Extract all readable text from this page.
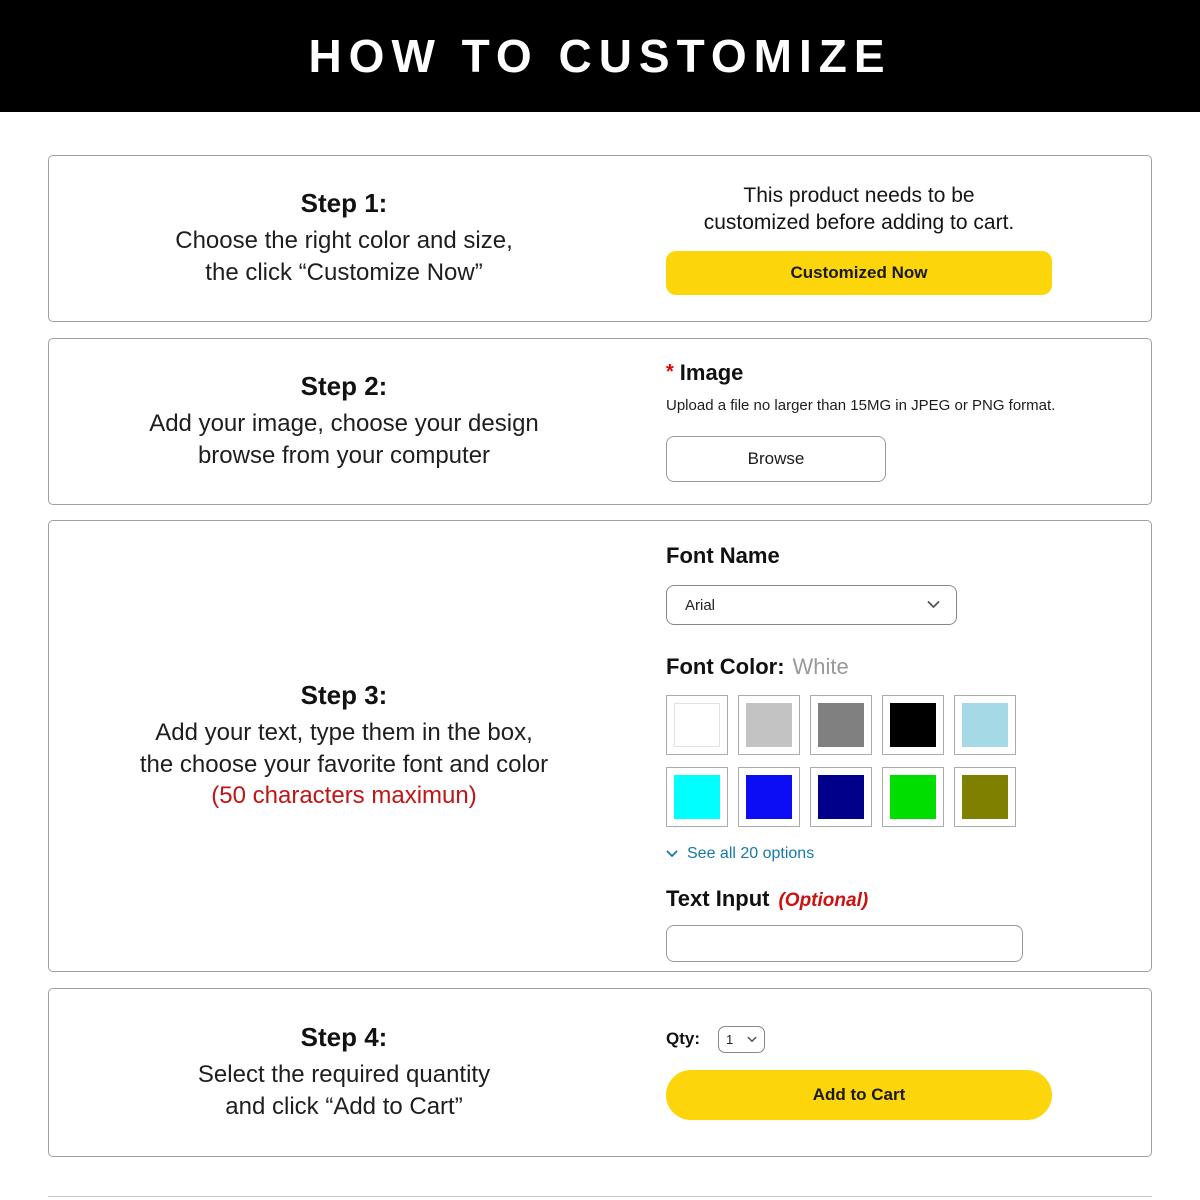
HOW TO CUSTOMIZE
Step 1:
Choose the right color and size,
the click “Customize Now”
This product needs to be
customized before adding to cart.
Customized Now
Step 2:
Add your image, choose your design
browse from your computer
* Image
Upload a file no larger than 15MG in JPEG or PNG format.
Browse
Step 3:
Add your text, type them in the box,
the choose your favorite font and color
(50 characters maximun)
Font Name
Arial
Font Color: White
See all 20 options
Text Input (Optional)
Step 4:
Select the required quantity
and click “Add to Cart”
Qty: 1
Add to Cart
